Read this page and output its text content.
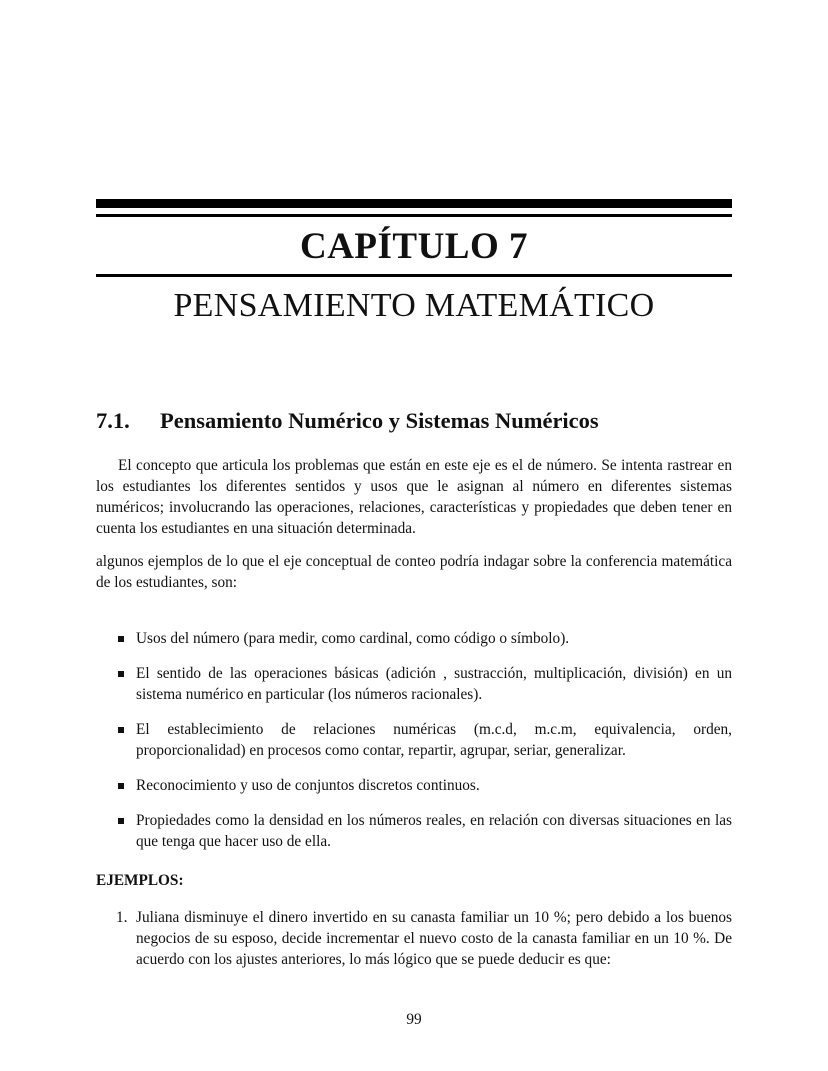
CAPÍTULO 7
PENSAMIENTO MATEMÁTICO
7.1. Pensamiento Numérico y Sistemas Numéricos

El concepto que articula los problemas que están en este eje es el de número. Se intenta rastrear en los estudiantes los diferentes sentidos y usos que le asignan al número en diferentes sistemas numéricos; involucrando las operaciones, relaciones, características y propiedades que deben tener en cuenta los estudiantes en una situación determinada.

algunos ejemplos de lo que el eje conceptual de conteo podría indagar sobre la conferencia matemática de los estudiantes, son:

Usos del número (para medir, como cardinal, como código o símbolo).
El sentido de las operaciones básicas (adición , sustracción, multiplicación, división) en un sistema numérico en particular (los números racionales).
El establecimiento de relaciones numéricas (m.c.d, m.c.m, equivalencia, orden, proporcionalidad) en procesos como contar, repartir, agrupar, seriar, generalizar.
Reconocimiento y uso de conjuntos discretos continuos.
Propiedades como la densidad en los números reales, en relación con diversas situaciones en las que tenga que hacer uso de ella.
EJEMPLOS:
1. Juliana disminuye el dinero invertido en su canasta familiar un 10 %; pero debido a los buenos negocios de su esposo, decide incrementar el nuevo costo de la canasta familiar en un 10 %. De acuerdo con los ajustes anteriores, lo más lógico que se puede deducir es que:
99
